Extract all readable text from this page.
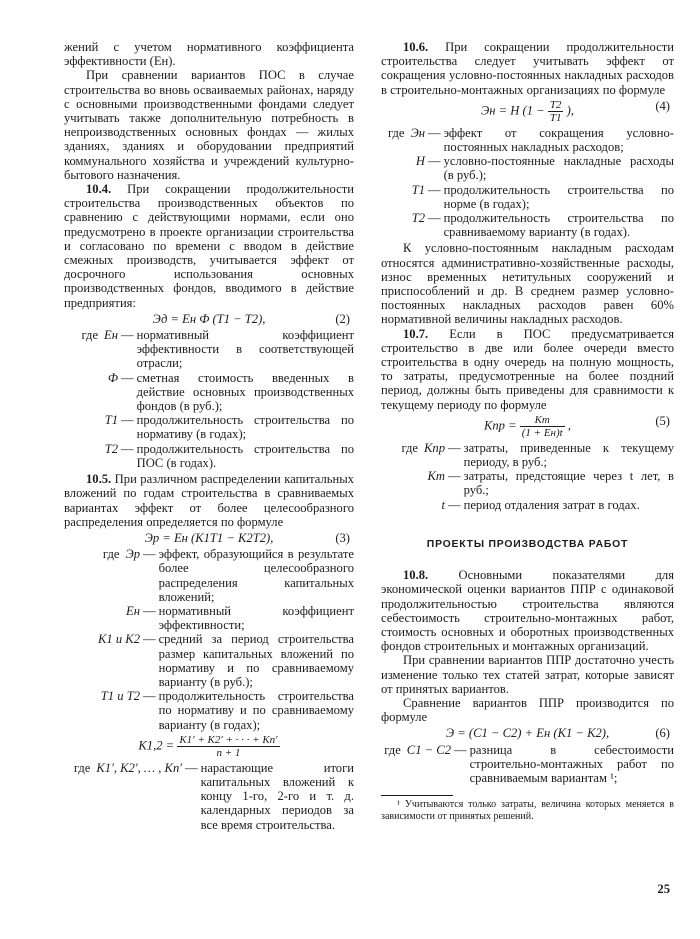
жений с учетом нормативного коэффициента эффективности (Eн).

При сравнении вариантов ПОС в случае строительства во вновь осваиваемых районах, наряду с основными производственными фондами следует учитывать также дополнительную потребность в непроизводственных основных фондах — жилых зданиях, зданиях и оборудовании предприятий коммунального хозяйства и учреждений культурно-бытового назначения.

10.4. При сокращении продолжительности строительства производственных объектов по сравнению с действующими нормами, если оно предусмотрено в проекте организации строительства и согласовано по времени с вводом в действие смежных производств, учитывается эффект от досрочного использования основных производственных фондов, вводимого в действие предприятия:

Эд = Eн Ф (T1 − T2),	(2)
где Eн — нормативный коэффициент эффективности в соответствующей отрасли;
Ф — сметная стоимость введенных в действие основных производственных фондов (в руб.);
T1 — продолжительность строительства по нормативу (в годах);
T2 — продолжительность строительства по ПОС (в годах).

10.5. При различном распределении капитальных вложений по годам строительства в сравниваемых вариантах эффект от более целесообразного распределения определяется по формуле

Эр = Eн (K1T1 − K2T2),	(3)
где Эр — эффект, образующийся в результате более целесообразного распределения капитальных вложений;
Eн — нормативный коэффициент эффективности;
K1 и K2 — средний за период строительства размер капитальных вложений по нормативу и по сравниваемому варианту (в руб.);
T1 и T2 — продолжительность строительства по нормативу и по сравниваемому варианту (в годах);
$K1,2 = \frac{K1' + K2' + \cdot \cdot \cdot + Kn'}{n + 1}$
где K1′, K2′, … , Kn′ — нарастающие итоги капитальных вложений к концу 1-го, 2-го и т. д. календарных периодов за все время строительства.

10.6. При сокращении продолжительности строительства следует учитывать эффект от сокращения условно-постоянных накладных расходов в строительно-монтажных организациях по формуле

Эн = H ($1 - \frac{T2}{T1}$ ),	(4)
где Эн — эффект от сокращения условно-постоянных накладных расходов;
H — условно-постоянные накладные расходы (в руб.);
T1 — продолжительность строительства по норме (в годах);
T2 — продолжительность строительства по сравниваемому варианту (в годах).

К условно-постоянным накладным расходам относятся административно-хозяйственные расходы, износ временных нетитульных сооружений и приспособлений и др. В среднем размер условно-постоянных накладных расходов равен 60% нормативной величины накладных расходов.

10.7. Если в ПОС предусматривается строительство в две или более очереди вместо строительства в одну очередь на полную мощность, то затраты, предусмотренные на более поздний период, должны быть приведены для сравнимости к текущему периоду по формуле

Kпр = $\frac{Kт}{(1 + Eн)t}$ ,	(5)
где Kпр — затраты, приведенные к текущему периоду, в руб.;
Kт — затраты, предстоящие через t лет, в руб.;
t — период отдаления затрат в годах.
ПРОЕКТЫ ПРОИЗВОДСТВА РАБОТ

10.8. Основными показателями для экономической оценки вариантов ППР с одинаковой продолжительностью строительства являются себестоимость строительно-монтажных работ, стоимость основных и оборотных производственных фондов строительных и монтажных организаций.

При сравнении вариантов ППР достаточно учесть изменение только тех статей затрат, которые зависят от принятых вариантов.

Сравнение вариантов ППР производится по формуле

Э = (C1 − C2) + Eн (K1 − K2),	(6)
где C1 − C2 — разница в себестоимости строительно-монтажных работ по сравниваемым вариантам ¹;

¹ Учитываются только затраты, величина которых меняется в зависимости от принятых решений.

25
